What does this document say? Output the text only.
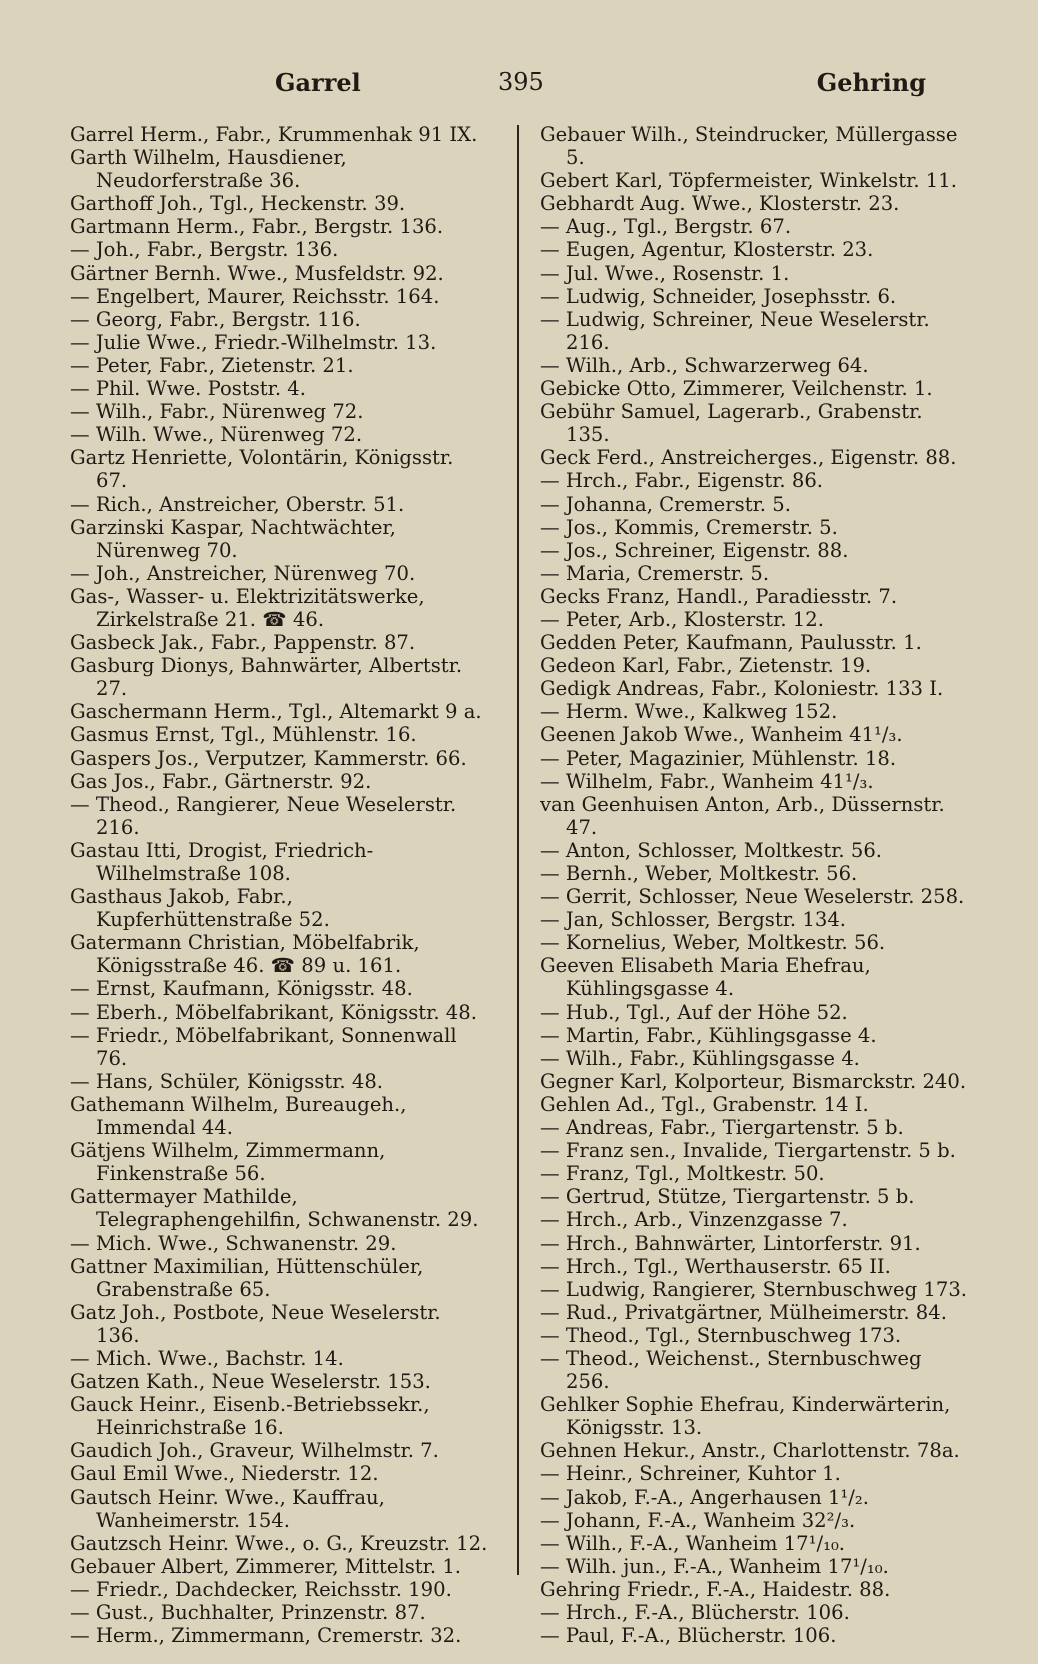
Garrel	395	Gehring

Garrel Herm., Fabr., Krummenhak 91 IX.

Garth Wilhelm, Hausdiener, Neudorferstraße 36.

Garthoff Joh., Tgl., Heckenstr. 39.

Gartmann Herm., Fabr., Bergstr. 136.

— Joh., Fabr., Bergstr. 136.

Gärtner Bernh. Wwe., Musfeldstr. 92.

— Engelbert, Maurer, Reichsstr. 164.

— Georg, Fabr., Bergstr. 116.

— Julie Wwe., Friedr.-Wilhelmstr. 13.

— Peter, Fabr., Zietenstr. 21.

— Phil. Wwe. Poststr. 4.

— Wilh., Fabr., Nürenweg 72.

— Wilh. Wwe., Nürenweg 72.

Gartz Henriette, Volontärin, Königsstr. 67.

— Rich., Anstreicher, Oberstr. 51.

Garzinski Kaspar, Nachtwächter, Nürenweg 70.

— Joh., Anstreicher, Nürenweg 70.

Gas-, Wasser- u. Elektrizitätswerke, Zirkelstraße 21. ☎ 46.

Gasbeck Jak., Fabr., Pappenstr. 87.

Gasburg Dionys, Bahnwärter, Albertstr. 27.

Gaschermann Herm., Tgl., Altemarkt 9 a.

Gasmus Ernst, Tgl., Mühlenstr. 16.

Gaspers Jos., Verputzer, Kammerstr. 66.

Gas Jos., Fabr., Gärtnerstr. 92.

— Theod., Rangierer, Neue Weselerstr. 216.

Gastau Itti, Drogist, Friedrich-Wilhelmstraße 108.

Gasthaus Jakob, Fabr., Kupferhüttenstraße 52.

Gatermann Christian, Möbelfabrik, Königsstraße 46. ☎ 89 u. 161.

— Ernst, Kaufmann, Königsstr. 48.

— Eberh., Möbelfabrikant, Königsstr. 48.

— Friedr., Möbelfabrikant, Sonnenwall 76.

— Hans, Schüler, Königsstr. 48.

Gathemann Wilhelm, Bureaugeh., Immendal 44.

Gätjens Wilhelm, Zimmermann, Finkenstraße 56.

Gattermayer Mathilde, Telegraphengehilfin, Schwanenstr. 29.

— Mich. Wwe., Schwanenstr. 29.

Gattner Maximilian, Hüttenschüler, Grabenstraße 65.

Gatz Joh., Postbote, Neue Weselerstr. 136.

— Mich. Wwe., Bachstr. 14.

Gatzen Kath., Neue Weselerstr. 153.

Gauck Heinr., Eisenb.-Betriebssekr., Heinrichstraße 16.

Gaudich Joh., Graveur, Wilhelmstr. 7.

Gaul Emil Wwe., Niederstr. 12.

Gautsch Heinr. Wwe., Kauffrau, Wanheimerstr. 154.

Gautzsch Heinr. Wwe., o. G., Kreuzstr. 12.

Gebauer Albert, Zimmerer, Mittelstr. 1.

— Friedr., Dachdecker, Reichsstr. 190.

— Gust., Buchhalter, Prinzenstr. 87.

— Herm., Zimmermann, Cremerstr. 32.

Gebauer Wilh., Steindrucker, Müllergasse 5.

Gebert Karl, Töpfermeister, Winkelstr. 11.

Gebhardt Aug. Wwe., Klosterstr. 23.

— Aug., Tgl., Bergstr. 67.

— Eugen, Agentur, Klosterstr. 23.

— Jul. Wwe., Rosenstr. 1.

— Ludwig, Schneider, Josephsstr. 6.

— Ludwig, Schreiner, Neue Weselerstr. 216.

— Wilh., Arb., Schwarzerweg 64.

Gebicke Otto, Zimmerer, Veilchenstr. 1.

Gebühr Samuel, Lagerarb., Grabenstr. 135.

Geck Ferd., Anstreicherges., Eigenstr. 88.

— Hrch., Fabr., Eigenstr. 86.

— Johanna, Cremerstr. 5.

— Jos., Kommis, Cremerstr. 5.

— Jos., Schreiner, Eigenstr. 88.

— Maria, Cremerstr. 5.

Gecks Franz, Handl., Paradiesstr. 7.

— Peter, Arb., Klosterstr. 12.

Gedden Peter, Kaufmann, Paulusstr. 1.

Gedeon Karl, Fabr., Zietenstr. 19.

Gedigk Andreas, Fabr., Koloniestr. 133 I.

— Herm. Wwe., Kalkweg 152.

Geenen Jakob Wwe., Wanheim 41¹/₃.

— Peter, Magazinier, Mühlenstr. 18.

— Wilhelm, Fabr., Wanheim 41¹/₃.

van Geenhuisen Anton, Arb., Düssernstr. 47.

— Anton, Schlosser, Moltkestr. 56.

— Bernh., Weber, Moltkestr. 56.

— Gerrit, Schlosser, Neue Weselerstr. 258.

— Jan, Schlosser, Bergstr. 134.

— Kornelius, Weber, Moltkestr. 56.

Geeven Elisabeth Maria Ehefrau, Kühlingsgasse 4.

— Hub., Tgl., Auf der Höhe 52.

— Martin, Fabr., Kühlingsgasse 4.

— Wilh., Fabr., Kühlingsgasse 4.

Gegner Karl, Kolporteur, Bismarckstr. 240.

Gehlen Ad., Tgl., Grabenstr. 14 I.

— Andreas, Fabr., Tiergartenstr. 5 b.

— Franz sen., Invalide, Tiergartenstr. 5 b.

— Franz, Tgl., Moltkestr. 50.

— Gertrud, Stütze, Tiergartenstr. 5 b.

— Hrch., Arb., Vinzenzgasse 7.

— Hrch., Bahnwärter, Lintorferstr. 91.

— Hrch., Tgl., Werthauserstr. 65 II.

— Ludwig, Rangierer, Sternbuschweg 173.

— Rud., Privatgärtner, Mülheimerstr. 84.

— Theod., Tgl., Sternbuschweg 173.

— Theod., Weichenst., Sternbuschweg 256.

Gehlker Sophie Ehefrau, Kinderwärterin, Königsstr. 13.

Gehnen Hekur., Anstr., Charlottenstr. 78a.

— Heinr., Schreiner, Kuhtor 1.

— Jakob, F.-A., Angerhausen 1¹/₂.

— Johann, F.-A., Wanheim 32²/₃.

— Wilh., F.-A., Wanheim 17¹/₁₀.

— Wilh. jun., F.-A., Wanheim 17¹/₁₀.

Gehring Friedr., F.-A., Haidestr. 88.

— Hrch., F.-A., Blücherstr. 106.

— Paul, F.-A., Blücherstr. 106.
